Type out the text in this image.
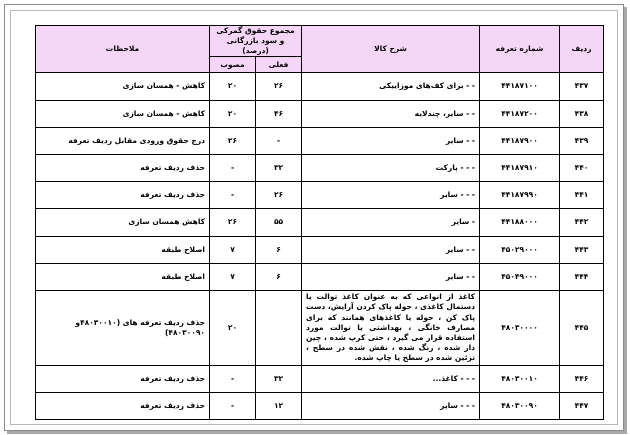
ردیف	شماره تعرفه	شرح کالا	مجموع حقوق گمرکی و سود بازرگانی (درصد)		ملاحظات
			فعلی	مصوب	
۴۳۷	۴۴۱۸۷۱۰۰	- - برای کف‌های موزاییکی	۲۶	۲۰	کاهش - همسان سازی
۴۳۸	۴۴۱۸۷۲۰۰	- - سایر، چندلایه	۴۶	۲۰	کاهش - همسان سازی
۴۳۹	۴۴۱۸۷۹۰۰	- - سایر	-	۲۶	درج حقوق ورودی مقابل ردیف تعرفه
۴۴۰	۴۴۱۸۷۹۱۰	- - - پارکت	۳۲	-	حذف ردیف تعرفه
۴۴۱	۴۴۱۸۷۹۹۰	- - - سایر	۲۶	-	حذف ردیف تعرفه
۴۴۲	۴۴۱۸۸۰۰۰	- سایر	۵۵	۲۶	کاهش همسان سازی
۴۴۳	۴۵۰۲۹۰۰۰	- - سایر	۶	۷	اصلاح طبقه
۴۴۴	۴۵۰۴۹۰۰۰	- - سایر	۶	۷	اصلاح طبقه
۴۴۵	۴۸۰۳۰۰۰۰	کاغذ از انواعی که به عنوان کاغذ توالت یا دستمال کاغذی ، حوله پاک کردن آرایش، دست پاک کن ، حوله یا کاغذهای همانند که برای مصارف خانگی ، بهداشتی یا توالت مورد استفاده قرار می گیرد ، حتی کرپ شده ، چین دار شده ، رنگ شده ، نقش شده در سطح ، تزئین شده در سطح یا چاپ شده.		۲۰	حذف ردیف تعرفه های (۴۸۰۳۰۰۱۰و ۴۸۰۳۰۰۹۰)
۴۴۶	۴۸۰۳۰۰۱۰	- - - کاغذ...	۳۲	-	حذف ردیف تعرفه
۴۴۷	۴۸۰۳۰۰۹۰	- - - سایر	۱۲	-	حذف ردیف تعرفه
